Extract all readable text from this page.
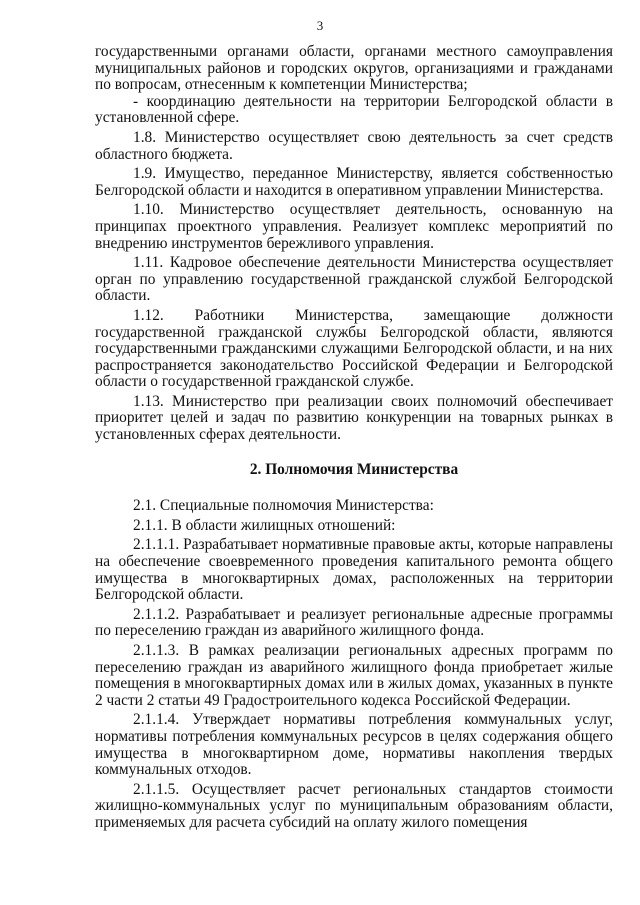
3

государственными органами области, органами местного самоуправления муниципальных районов и городских округов, организациями и гражданами по вопросам, отнесенным к компетенции Министерства;

- координацию деятельности на территории Белгородской области в установленной сфере.

1.8. Министерство осуществляет свою деятельность за счет средств областного бюджета.

1.9. Имущество, переданное Министерству, является собственностью Белгородской области и находится в оперативном управлении Министерства.

1.10. Министерство осуществляет деятельность, основанную на принципах проектного управления. Реализует комплекс мероприятий по внедрению инструментов бережливого управления.

1.11. Кадровое обеспечение деятельности Министерства осуществляет орган по управлению государственной гражданской службой Белгородской области.

1.12. Работники Министерства, замещающие должности государственной гражданской службы Белгородской области, являются государственными гражданскими служащими Белгородской области, и на них распространяется законодательство Российской Федерации и Белгородской области о государственной гражданской службе.

1.13. Министерство при реализации своих полномочий обеспечивает приоритет целей и задач по развитию конкуренции на товарных рынках в установленных сферах деятельности.

2. Полномочия Министерства

2.1. Специальные полномочия Министерства:

2.1.1. В области жилищных отношений:

2.1.1.1. Разрабатывает нормативные правовые акты, которые направлены на обеспечение своевременного проведения капитального ремонта общего имущества в многоквартирных домах, расположенных на территории Белгородской области.

2.1.1.2. Разрабатывает и реализует региональные адресные программы по переселению граждан из аварийного жилищного фонда.

2.1.1.3. В рамках реализации региональных адресных программ по переселению граждан из аварийного жилищного фонда приобретает жилые помещения в многоквартирных домах или в жилых домах, указанных в пункте 2 части 2 статьи 49 Градостроительного кодекса Российской Федерации.

2.1.1.4. Утверждает нормативы потребления коммунальных услуг, нормативы потребления коммунальных ресурсов в целях содержания общего имущества в многоквартирном доме, нормативы накопления твердых коммунальных отходов.

2.1.1.5. Осуществляет расчет региональных стандартов стоимости жилищно-коммунальных услуг по муниципальным образованиям области, применяемых для расчета субсидий на оплату жилого помещения
